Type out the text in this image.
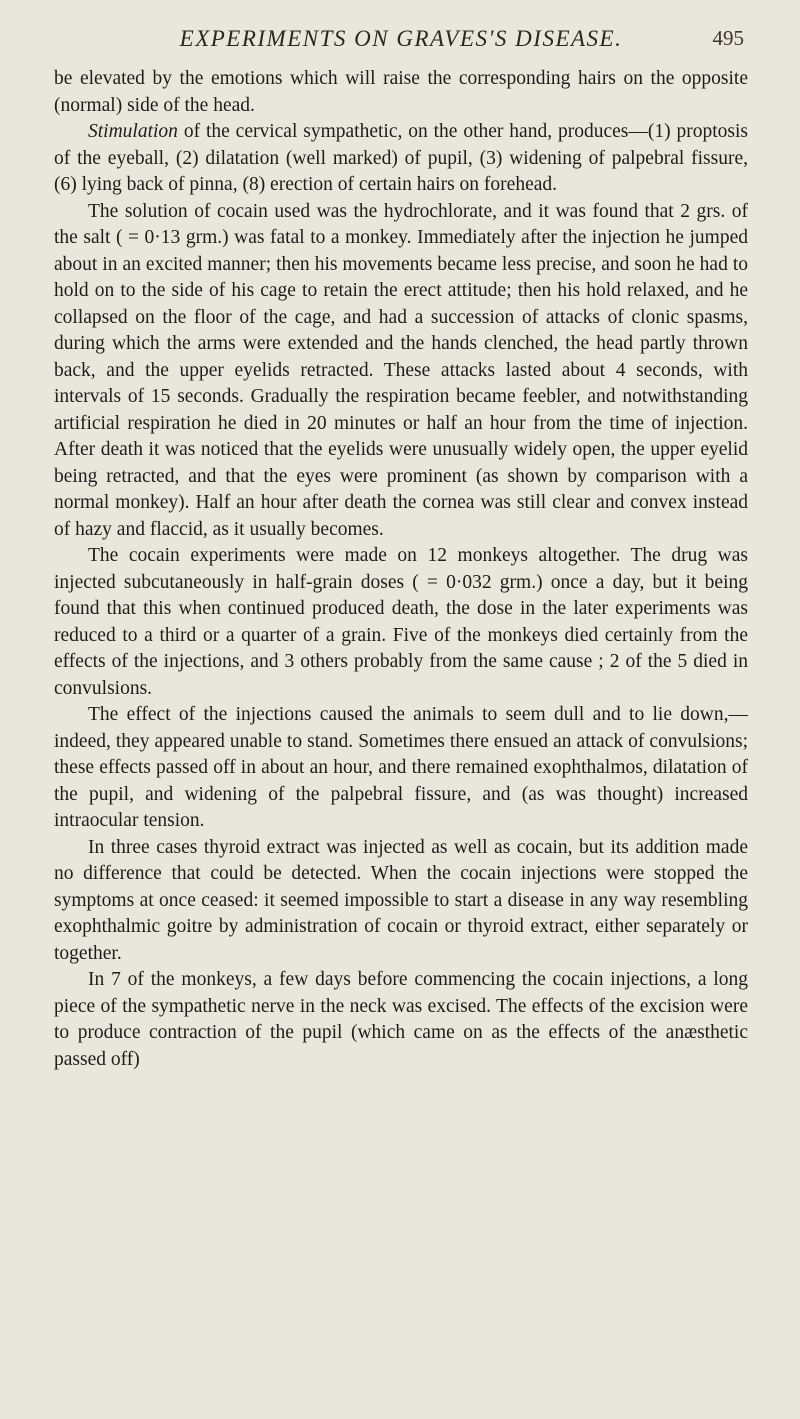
EXPERIMENTS ON GRAVES'S DISEASE.	495

be elevated by the emotions which will raise the corresponding hairs on the opposite (normal) side of the head.

Stimulation of the cervical sympathetic, on the other hand, produces—(1) proptosis of the eyeball, (2) dilatation (well marked) of pupil, (3) widening of palpebral fissure, (6) lying back of pinna, (8) erection of certain hairs on forehead.

The solution of cocain used was the hydrochlorate, and it was found that 2 grs. of the salt ( = 0·13 grm.) was fatal to a monkey. Immediately after the injection he jumped about in an excited manner; then his movements became less precise, and soon he had to hold on to the side of his cage to retain the erect attitude; then his hold relaxed, and he collapsed on the floor of the cage, and had a succession of attacks of clonic spasms, during which the arms were extended and the hands clenched, the head partly thrown back, and the upper eyelids retracted. These attacks lasted about 4 seconds, with intervals of 15 seconds. Gradually the respiration became feebler, and notwithstanding artificial respiration he died in 20 minutes or half an hour from the time of injection. After death it was noticed that the eyelids were unusually widely open, the upper eyelid being retracted, and that the eyes were prominent (as shown by comparison with a normal monkey). Half an hour after death the cornea was still clear and convex instead of hazy and flaccid, as it usually becomes.

The cocain experiments were made on 12 monkeys altogether. The drug was injected subcutaneously in half-grain doses ( = 0·032 grm.) once a day, but it being found that this when continued produced death, the dose in the later experiments was reduced to a third or a quarter of a grain. Five of the monkeys died certainly from the effects of the injections, and 3 others probably from the same cause ; 2 of the 5 died in convulsions.

The effect of the injections caused the animals to seem dull and to lie down,—indeed, they appeared unable to stand. Sometimes there ensued an attack of convulsions; these effects passed off in about an hour, and there remained exophthalmos, dilatation of the pupil, and widening of the palpebral fissure, and (as was thought) increased intraocular tension.

In three cases thyroid extract was injected as well as cocain, but its addition made no difference that could be detected. When the cocain injections were stopped the symptoms at once ceased: it seemed impossible to start a disease in any way resembling exophthalmic goitre by administration of cocain or thyroid extract, either separately or together.

In 7 of the monkeys, a few days before commencing the cocain injections, a long piece of the sympathetic nerve in the neck was excised. The effects of the excision were to produce contraction of the pupil (which came on as the effects of the anæsthetic passed off)
